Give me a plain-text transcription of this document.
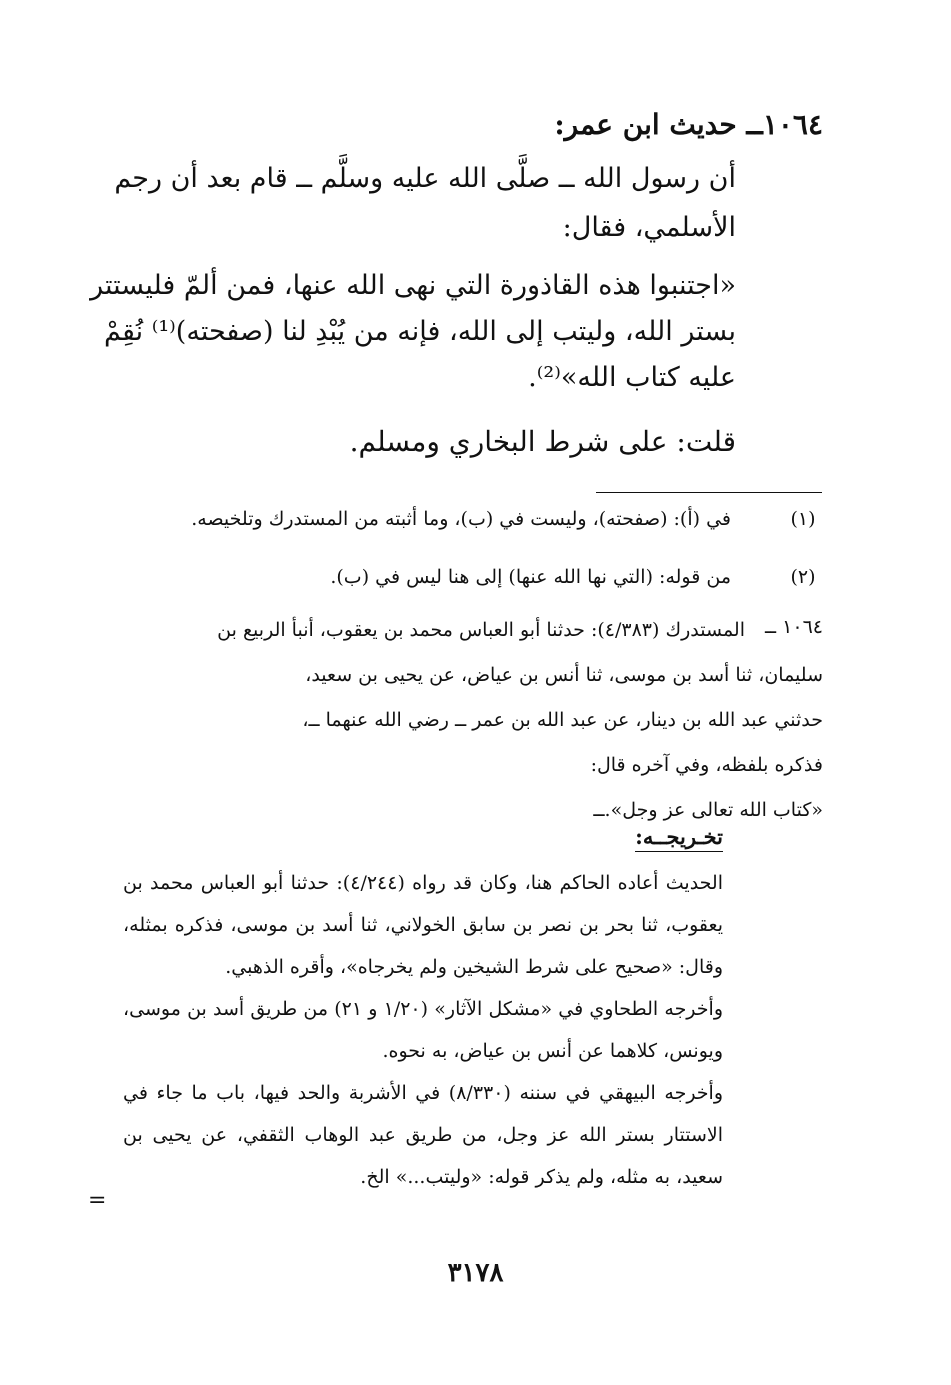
١٠٦٤ــ حديث ابن عمر:
أن رسول الله ــ صلَّى الله عليه وسلَّم ــ قام بعد أن رجم
الأسلمي، فقال:
«اجتنبوا هذه القاذورة التي نهى الله عنها، فمن ألمّ فليستتر
بستر الله، وليتب إلى الله، فإنه من يُبْدِ لنا (صفحته)⁽¹⁾ نُقِمْ
عليه كتاب الله»⁽²⁾.
قلت: على شرط البخاري ومسلم.
(١)
في (أ): (صفحته)، وليست في (ب)، وما أثبته من المستدرك وتلخيصه.
(٢)
من قوله: (التي نها الله عنها) إلى هنا ليس في (ب).
١٠٦٤ ــ
المستدرك (٤/٣٨٣): حدثنا أبو العباس محمد بن يعقوب، أنبأ الربيع بن
سليمان، ثنا أسد بن موسى، ثنا أنس بن عياض، عن يحيى بن سعيد،
حدثني عبد الله بن دينار، عن عبد الله بن عمر ــ رضي الله عنهما ــ،
فذكره بلفظه، وفي آخره قال:
«كتاب الله تعالى عز وجل».ــ
تخـريجــه:

الحديث أعاده الحاكم هنا، وكان قد رواه (٤/٢٤٤): حدثنا أبو العباس محمد بن يعقوب، ثنا بحر بن نصر بن سابق الخولاني، ثنا أسد بن موسى، فذكره بمثله، وقال: «صحيح على شرط الشيخين ولم يخرجاه»، وأقره الذهبي.

وأخرجه الطحاوي في «مشكل الآثار» (١/٢٠ و ٢١) من طريق أسد بن موسى، ويونس، كلاهما عن أنس بن عياض، به نحوه.

وأخرجه البيهقي في سننه (٨/٣٣٠) في الأشربة والحد فيها، باب ما جاء في الاستتار بستر الله عز وجل، من طريق عبد الوهاب الثقفي، عن يحيى بن سعيد، به مثله، ولم يذكر قوله: «وليتب...» الخ.

=
٣١٧٨
